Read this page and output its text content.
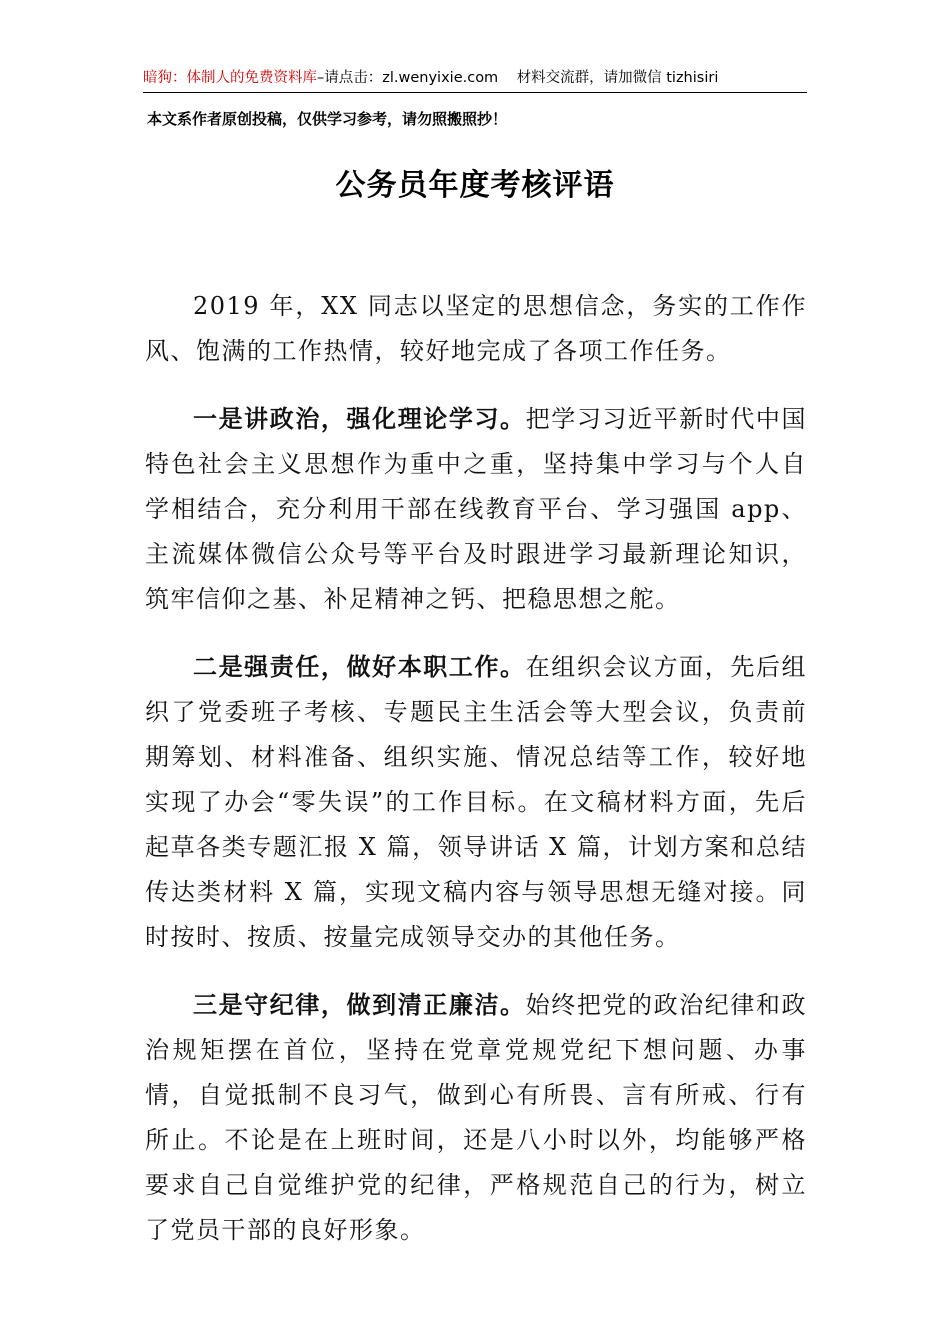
暗狗：体制人的免费资料库–请点击：zl.wenyixie.com 材料交流群，请加微信 tizhisiri
本文系作者原创投稿，仅供学习参考，请勿照搬照抄！
公务员年度考核评语

2019 年，XX 同志以坚定的思想信念，务实的工作作风、饱满的工作热情，较好地完成了各项工作任务。

一是讲政治，强化理论学习。把学习习近平新时代中国特色社会主义思想作为重中之重，坚持集中学习与个人自学相结合，充分利用干部在线教育平台、学习强国 app、主流媒体微信公众号等平台及时跟进学习最新理论知识，筑牢信仰之基、补足精神之钙、把稳思想之舵。

二是强责任，做好本职工作。在组织会议方面，先后组织了党委班子考核、专题民主生活会等大型会议，负责前期筹划、材料准备、组织实施、情况总结等工作，较好地实现了办会“零失误”的工作目标。在文稿材料方面，先后起草各类专题汇报 X 篇，领导讲话 X 篇，计划方案和总结传达类材料 X 篇，实现文稿内容与领导思想无缝对接。同时按时、按质、按量完成领导交办的其他任务。

三是守纪律，做到清正廉洁。始终把党的政治纪律和政治规矩摆在首位，坚持在党章党规党纪下想问题、办事情，自觉抵制不良习气，做到心有所畏、言有所戒、行有所止。不论是在上班时间，还是八小时以外，均能够严格要求自己自觉维护党的纪律，严格规范自己的行为，树立了党员干部的良好形象。
